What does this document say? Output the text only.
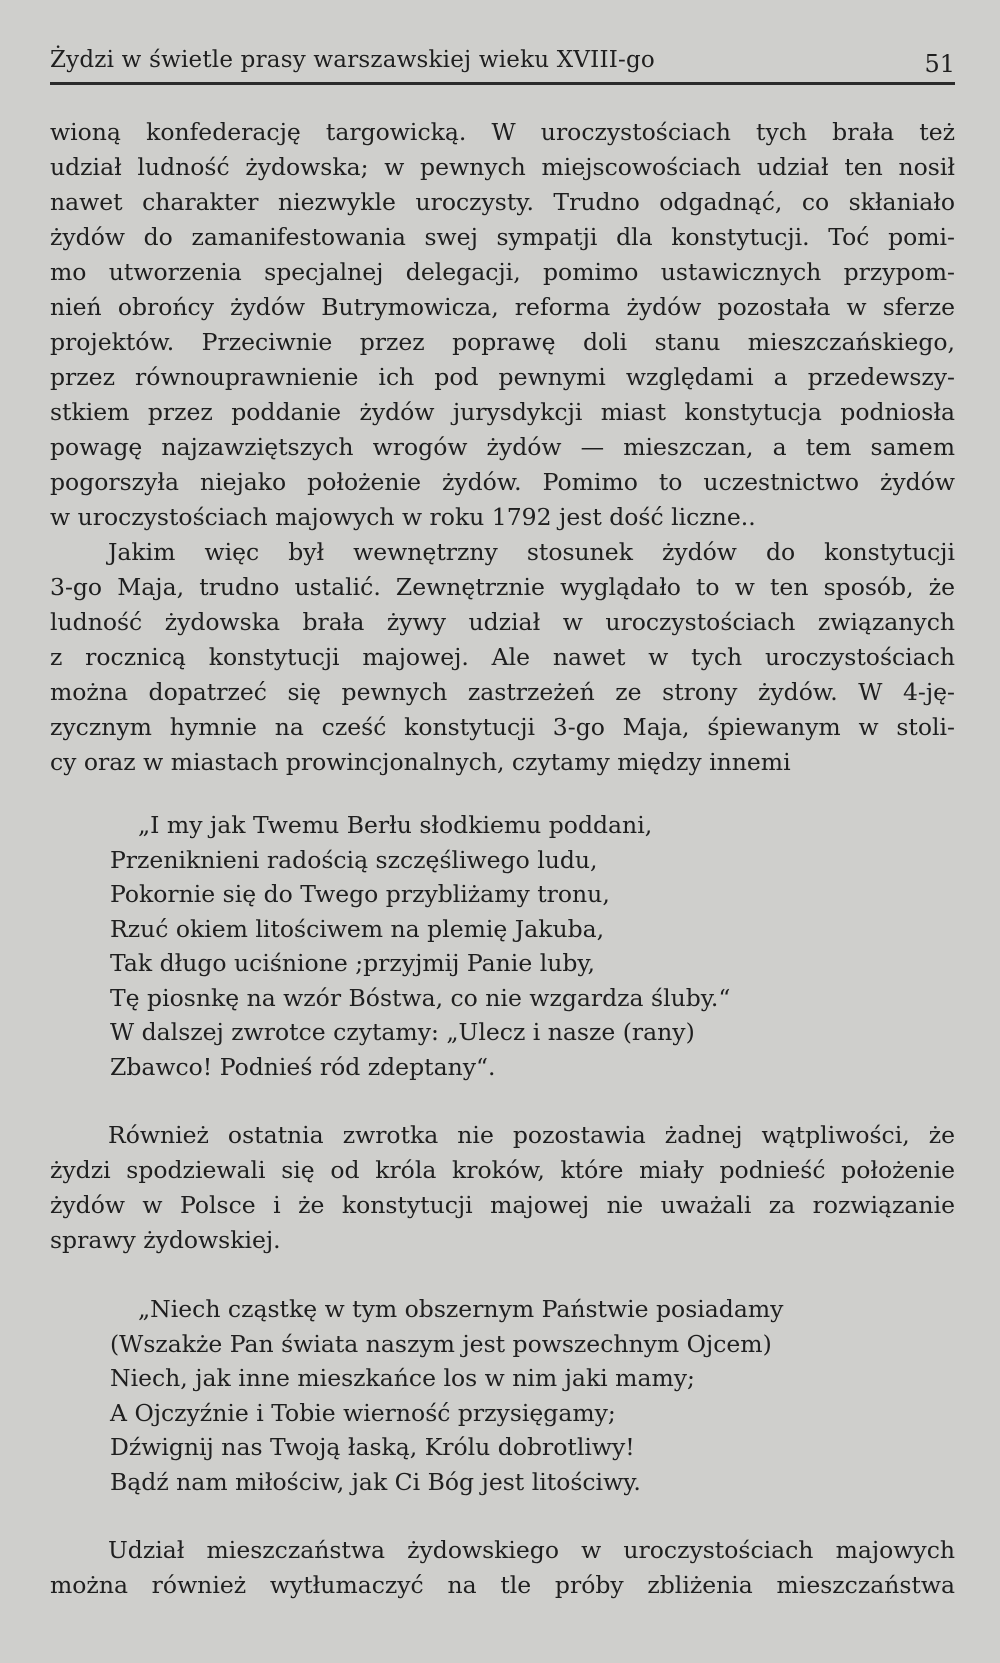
Żydzi w świetle prasy warszawskiej wieku XVIII-go	51
wioną konfederację targowicką. W uroczystościach tych brała też
udział ludność żydowska; w pewnych miejscowościach udział ten nosił
nawet charakter niezwykle uroczysty. Trudno odgadnąć, co skłaniało
żydów do zamanifestowania swej sympatji dla konstytucji. Toć pomi-
mo utworzenia specjalnej delegacji, pomimo ustawicznych przypom-
nień obrońcy żydów Butrymowicza, reforma żydów pozostała w sferze
projektów. Przeciwnie przez poprawę doli stanu mieszczańskiego,
przez równouprawnienie ich pod pewnymi względami a przedewszy-
stkiem przez poddanie żydów jurysdykcji miast konstytucja podniosła
powagę najzawziętszych wrogów żydów — mieszczan, a tem samem
pogorszyła niejako położenie żydów. Pomimo to uczestnictwo żydów
w uroczystościach majowych w roku 1792 jest dość liczne..
Jakim więc był wewnętrzny stosunek żydów do konstytucji
3-go Maja, trudno ustalić. Zewnętrznie wyglądało to w ten sposób, że
ludność żydowska brała żywy udział w uroczystościach związanych
z rocznicą konstytucji majowej. Ale nawet w tych uroczystościach
można dopatrzeć się pewnych zastrzeżeń ze strony żydów. W 4-ję-
zycznym hymnie na cześć konstytucji 3-go Maja, śpiewanym w stoli-
cy oraz w miastach prowincjonalnych, czytamy między innemi
„I my jak Twemu Berłu słodkiemu poddani,
Przeniknieni radością szczęśliwego ludu,
Pokornie się do Twego przybliżamy tronu,
Rzuć okiem litościwem na plemię Jakuba,
Tak długo uciśnione ;przyjmij Panie luby,
Tę piosnkę na wzór Bóstwa, co nie wzgardza śluby.“
W dalszej zwrotce czytamy: „Ulecz i nasze (rany)
Zbawco! Podnieś ród zdeptany“.
Również ostatnia zwrotka nie pozostawia żadnej wątpliwości, że
żydzi spodziewali się od króla kroków, które miały podnieść położenie
żydów w Polsce i że konstytucji majowej nie uważali za rozwiązanie
sprawy żydowskiej.
„Niech cząstkę w tym obszernym Państwie posiadamy
(Wszakże Pan świata naszym jest powszechnym Ojcem)
Niech, jak inne mieszkańce los w nim jaki mamy;
A Ojczyźnie i Tobie wierność przysięgamy;
Dźwignij nas Twoją łaską, Królu dobrotliwy!
Bądź nam miłościw, jak Ci Bóg jest litościwy.
Udział mieszczaństwa żydowskiego w uroczystościach majowych
można również wytłumaczyć na tle próby zbliżenia mieszczaństwa
